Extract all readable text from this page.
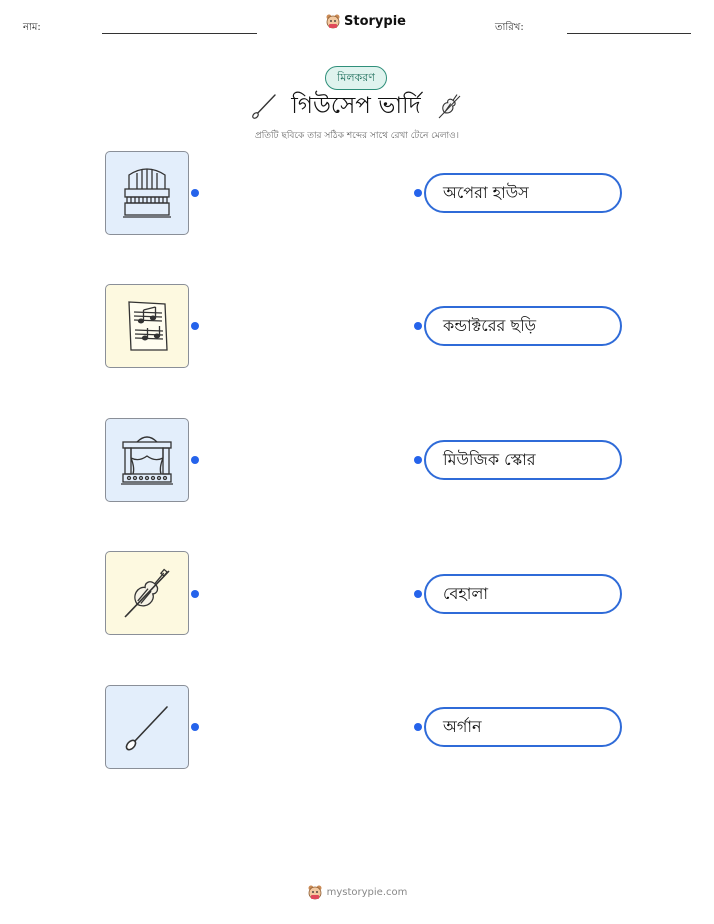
নাম:	Storypie	তারিখ:
মিলকরণ
গিউসেপ ভার্দি
প্রতিটি ছবিকে তার সঠিক শব্দের সাথে রেখা টেনে মেলাও।
অপেরা হাউস
কন্ডাক্টরের ছড়ি
মিউজিক স্কোর
বেহালা
অর্গান
mystorypie.com
